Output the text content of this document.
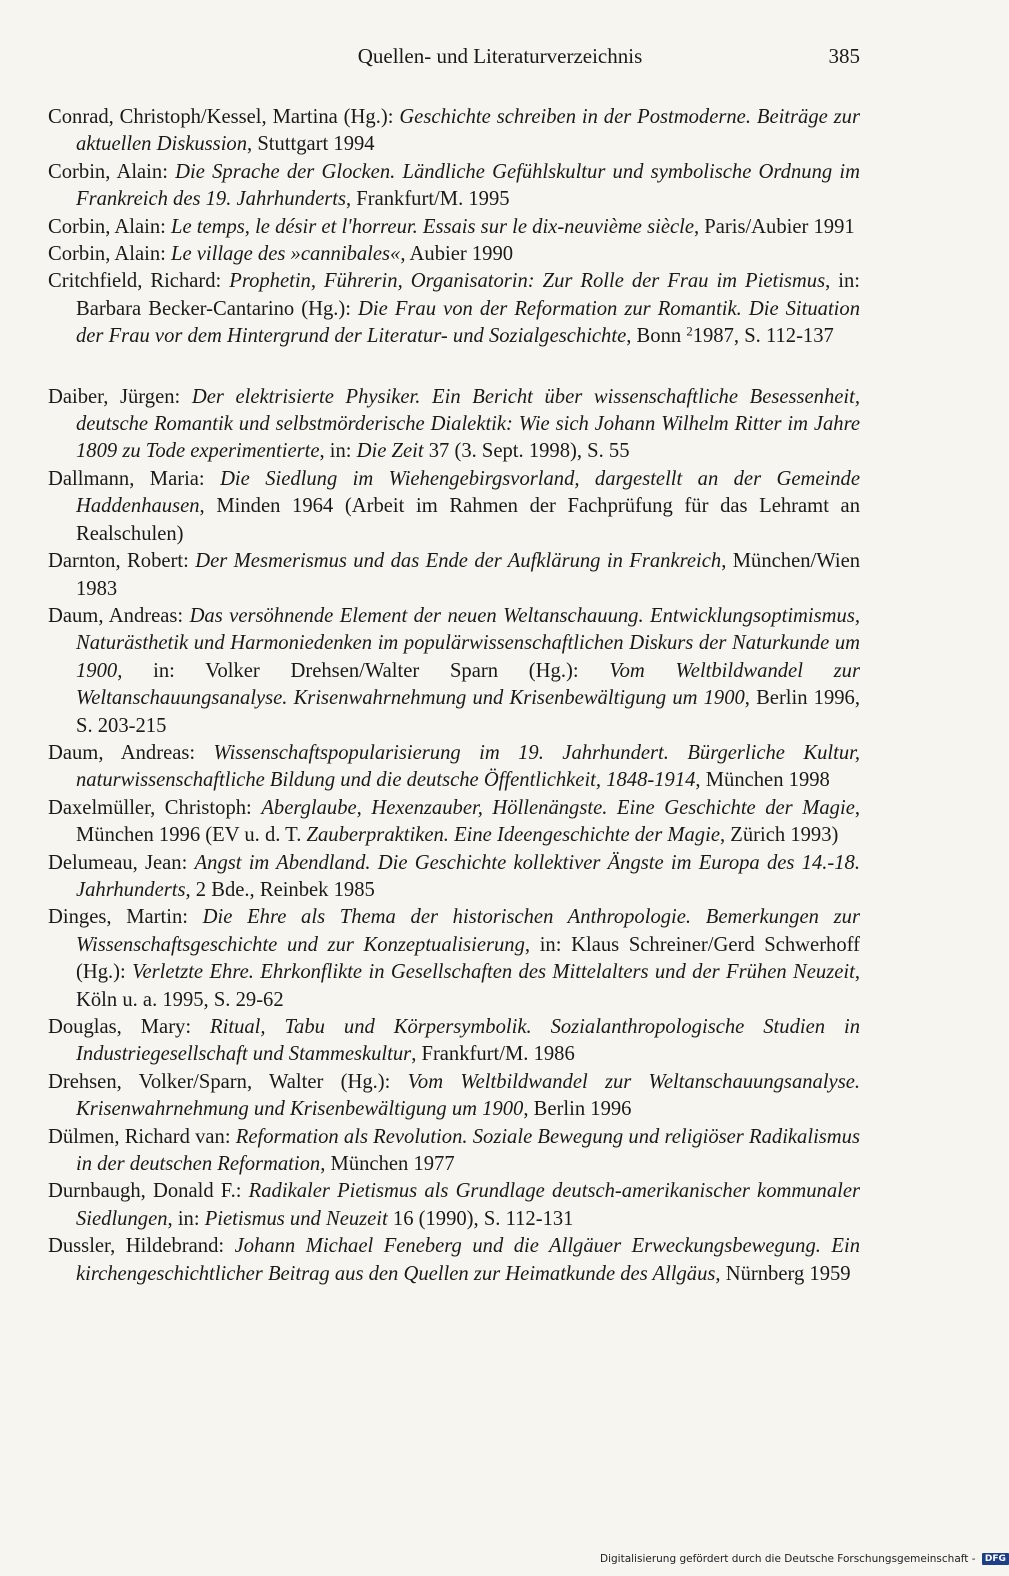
Quellen- und Literaturverzeichnis	385

Conrad, Christoph/Kessel, Martina (Hg.): Geschichte schreiben in der Postmoderne. Beiträge zur aktuellen Diskussion, Stuttgart 1994

Corbin, Alain: Die Sprache der Glocken. Ländliche Gefühlskultur und symbolische Ordnung im Frankreich des 19. Jahrhunderts, Frankfurt/M. 1995

Corbin, Alain: Le temps, le désir et l'horreur. Essais sur le dix-neuvième siècle, Paris/Aubier 1991

Corbin, Alain: Le village des »cannibales«, Aubier 1990

Critchfield, Richard: Prophetin, Führerin, Organisatorin: Zur Rolle der Frau im Pietismus, in: Barbara Becker-Cantarino (Hg.): Die Frau von der Reformation zur Romantik. Die Situation der Frau vor dem Hintergrund der Literatur- und Sozialgeschichte, Bonn $^2$1987, S. 112-137

Daiber, Jürgen: Der elektrisierte Physiker. Ein Bericht über wissenschaftliche Besessenheit, deutsche Romantik und selbstmörderische Dialektik: Wie sich Johann Wilhelm Ritter im Jahre 1809 zu Tode experimentierte, in: Die Zeit 37 (3. Sept. 1998), S. 55

Dallmann, Maria: Die Siedlung im Wiehengebirgsvorland, dargestellt an der Gemeinde Haddenhausen, Minden 1964 (Arbeit im Rahmen der Fachprüfung für das Lehramt an Realschulen)

Darnton, Robert: Der Mesmerismus und das Ende der Aufklärung in Frankreich, München/Wien 1983

Daum, Andreas: Das versöhnende Element der neuen Weltanschauung. Entwicklungsoptimismus, Naturästhetik und Harmoniedenken im populärwissenschaftlichen Diskurs der Naturkunde um 1900, in: Volker Drehsen/Walter Sparn (Hg.): Vom Weltbildwandel zur Weltanschauungsanalyse. Krisenwahrnehmung und Krisenbewältigung um 1900, Berlin 1996, S. 203-215

Daum, Andreas: Wissenschaftspopularisierung im 19. Jahrhundert. Bürgerliche Kultur, naturwissenschaftliche Bildung und die deutsche Öffentlichkeit, 1848-1914, München 1998

Daxelmüller, Christoph: Aberglaube, Hexenzauber, Höllenängste. Eine Geschichte der Magie, München 1996 (EV u. d. T. Zauberpraktiken. Eine Ideengeschichte der Magie, Zürich 1993)

Delumeau, Jean: Angst im Abendland. Die Geschichte kollektiver Ängste im Europa des 14.-18. Jahrhunderts, 2 Bde., Reinbek 1985

Dinges, Martin: Die Ehre als Thema der historischen Anthropologie. Bemerkungen zur Wissenschaftsgeschichte und zur Konzeptualisierung, in: Klaus Schreiner/Gerd Schwerhoff (Hg.): Verletzte Ehre. Ehrkonflikte in Gesellschaften des Mittelalters und der Frühen Neuzeit, Köln u. a. 1995, S. 29-62

Douglas, Mary: Ritual, Tabu und Körpersymbolik. Sozialanthropologische Studien in Industriegesellschaft und Stammeskultur, Frankfurt/M. 1986

Drehsen, Volker/Sparn, Walter (Hg.): Vom Weltbildwandel zur Weltanschauungsanalyse. Krisenwahrnehmung und Krisenbewältigung um 1900, Berlin 1996

Dülmen, Richard van: Reformation als Revolution. Soziale Bewegung und religiöser Radikalismus in der deutschen Reformation, München 1977

Durnbaugh, Donald F.: Radikaler Pietismus als Grundlage deutsch-amerikanischer kommunaler Siedlungen, in: Pietismus und Neuzeit 16 (1990), S. 112-131

Dussler, Hildebrand: Johann Michael Feneberg und die Allgäuer Erweckungsbewegung. Ein kirchengeschichtlicher Beitrag aus den Quellen zur Heimatkunde des Allgäus, Nürnberg 1959

Digitalisierung gefördert durch die Deutsche Forschungsgemeinschaft - DFG
